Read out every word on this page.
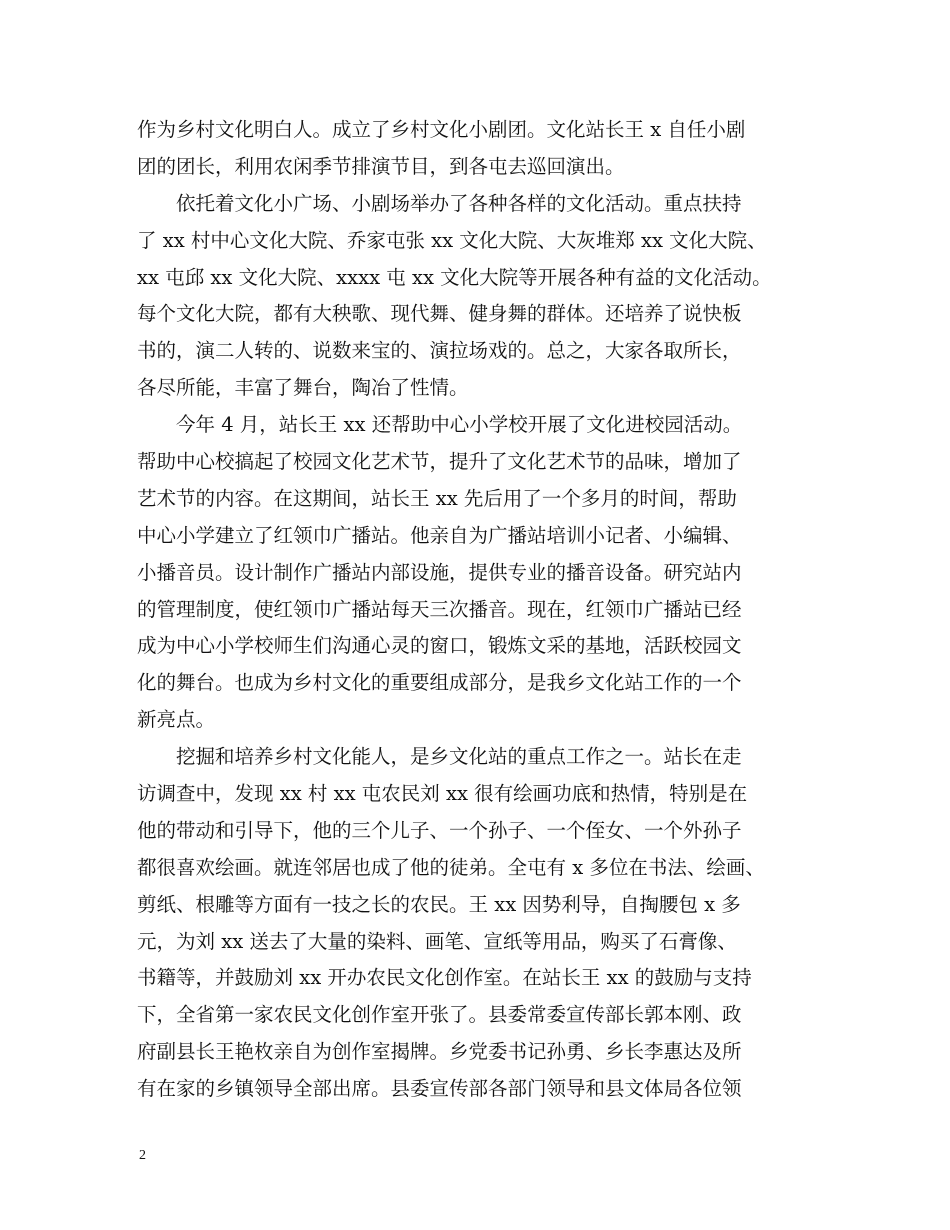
作为乡村文化明白人。成立了乡村文化小剧团。文化站长王 x 自任小剧
团的团长，利用农闲季节排演节目，到各屯去巡回演出。
依托着文化小广场、小剧场举办了各种各样的文化活动。重点扶持
了 xx 村中心文化大院、乔家屯张 xx 文化大院、大灰堆郑 xx 文化大院、
xx 屯邱 xx 文化大院、xxxx 屯 xx 文化大院等开展各种有益的文化活动。
每个文化大院，都有大秧歌、现代舞、健身舞的群体。还培养了说快板
书的，演二人转的、说数来宝的、演拉场戏的。总之，大家各取所长，
各尽所能，丰富了舞台，陶冶了性情。
今年 4 月，站长王 xx 还帮助中心小学校开展了文化进校园活动。
帮助中心校搞起了校园文化艺术节，提升了文化艺术节的品味，增加了
艺术节的内容。在这期间，站长王 xx 先后用了一个多月的时间，帮助
中心小学建立了红领巾广播站。他亲自为广播站培训小记者、小编辑、
小播音员。设计制作广播站内部设施，提供专业的播音设备。研究站内
的管理制度，使红领巾广播站每天三次播音。现在，红领巾广播站已经
成为中心小学校师生们沟通心灵的窗口，锻炼文采的基地，活跃校园文
化的舞台。也成为乡村文化的重要组成部分，是我乡文化站工作的一个
新亮点。
挖掘和培养乡村文化能人，是乡文化站的重点工作之一。站长在走
访调查中，发现 xx 村 xx 屯农民刘 xx 很有绘画功底和热情，特别是在
他的带动和引导下，他的三个儿子、一个孙子、一个侄女、一个外孙子
都很喜欢绘画。就连邻居也成了他的徒弟。全屯有 x 多位在书法、绘画、
剪纸、根雕等方面有一技之长的农民。王 xx 因势利导，自掏腰包 x 多
元，为刘 xx 送去了大量的染料、画笔、宣纸等用品，购买了石膏像、
书籍等，并鼓励刘 xx 开办农民文化创作室。在站长王 xx 的鼓励与支持
下，全省第一家农民文化创作室开张了。县委常委宣传部长郭本刚、政
府副县长王艳枚亲自为创作室揭牌。乡党委书记孙勇、乡长李惠达及所
有在家的乡镇领导全部出席。县委宣传部各部门领导和县文体局各位领
2
